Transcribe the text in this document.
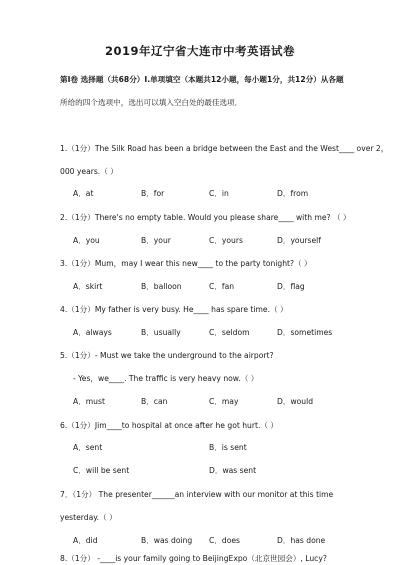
2019年辽宁省大连市中考英语试卷
第I卷 选择题（共68分）Ⅰ.单项填空（本题共12小题，每小题1分，共12分）从各题
所给的四个选项中，选出可以填入空白处的最佳选项．
1.（1分）The Silk Road has been a bridge between the East and the West____ over 2，
000 years.（ ）
A．at	B．for	C．in	D．from
2.（1分）There's no empty table. Would you please share____ with me? （ ）
A．you	B．your	C．yours	D．yourself
3.（1分）Mum，may I wear this new____ to the party tonight?（ ）
A．skirt	B．balloon	C．fan	D．flag
4.（1分）My father is very busy. He____ has spare time.（ ）
A．always	B．usually	C．seldom	D．sometimes
5.（1分）- Must we take the underground to the airport?
- Yes，we____. The traffic is very heavy now.（ ）
A．must	B．can	C．may	D．would
6.（1分）Jim____to hospital at once after he got hurt.（ ）
A．sent	B．is sent
C．will be sent	D．was sent
7．（1分） The presenter______an interview with our monitor at this time
yesterday.（ ）
A．did	B．was doing C．does	D．has done
8.（1分） -____is your family going to BeijingExpo（北京世园会）, Lucy?
